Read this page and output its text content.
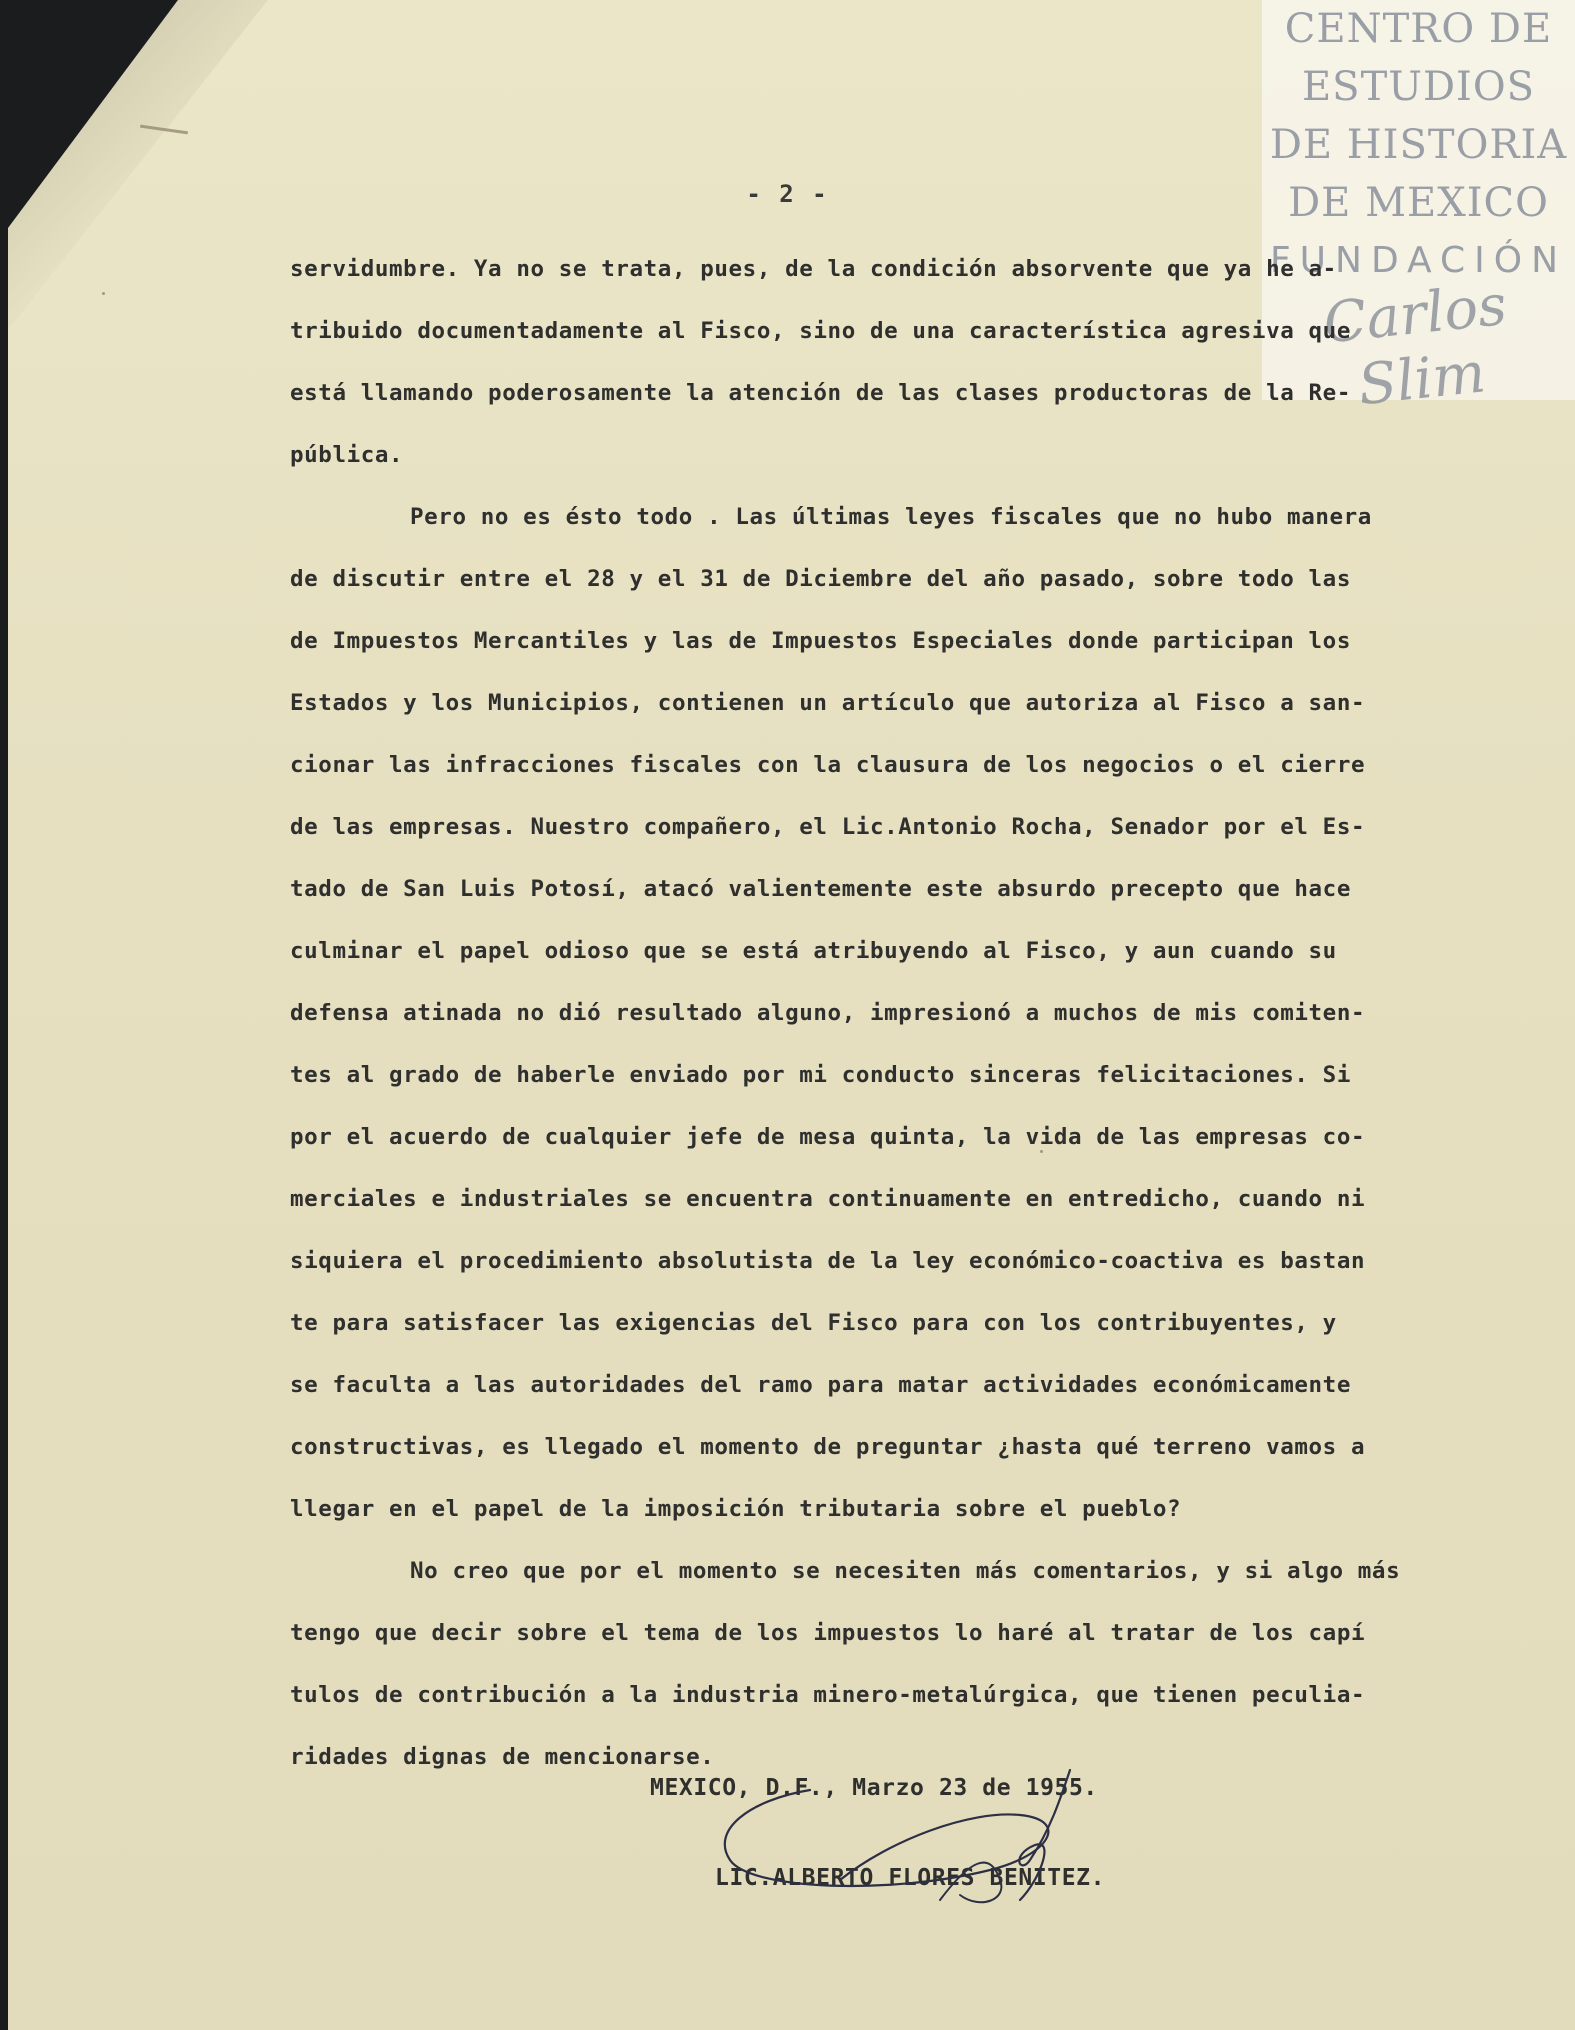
CENTRO DE
ESTUDIOS
DE HISTORIA
DE MEXICO
FUNDACIÓN
Carlos Slim
- 2 -

servidumbre. Ya no se trata, pues, de la condición absorvente que ya he a-
tribuido documentadamente al Fisco, sino de una característica agresiva que
está llamando poderosamente la atención de las clases productoras de la Re-
pública.

Pero no es ésto todo . Las últimas leyes fiscales que no hubo manera
de discutir entre el 28 y el 31 de Diciembre del año pasado, sobre todo las
de Impuestos Mercantiles y las de Impuestos Especiales donde participan los
Estados y los Municipios, contienen un artículo que autoriza al Fisco a san-
cionar las infracciones fiscales con la clausura de los negocios o el cierre
de las empresas. Nuestro compañero, el Lic.Antonio Rocha, Senador por el Es-
tado de San Luis Potosí, atacó valientemente este absurdo precepto que hace
culminar el papel odioso que se está atribuyendo al Fisco, y aun cuando su
defensa atinada no dió resultado alguno, impresionó a muchos de mis comiten-
tes al grado de haberle enviado por mi conducto sinceras felicitaciones. Si
por el acuerdo de cualquier jefe de mesa quinta, la vida de las empresas co-
merciales e industriales se encuentra continuamente en entredicho, cuando ni
siquiera el procedimiento absolutista de la ley económico-coactiva es bastan
te para satisfacer las exigencias del Fisco para con los contribuyentes, y
se faculta a las autoridades del ramo para matar actividades económicamente
constructivas, es llegado el momento de preguntar ¿hasta qué terreno vamos a
llegar en el papel de la imposición tributaria sobre el pueblo?

No creo que por el momento se necesiten más comentarios, y si algo más
tengo que decir sobre el tema de los impuestos lo haré al tratar de los capí
tulos de contribución a la industria minero-metalúrgica, que tienen peculia-
ridades dignas de mencionarse.

MEXICO, D.F., Marzo 23 de 1955.
LIC.ALBERTO FLORES BENITEZ.
